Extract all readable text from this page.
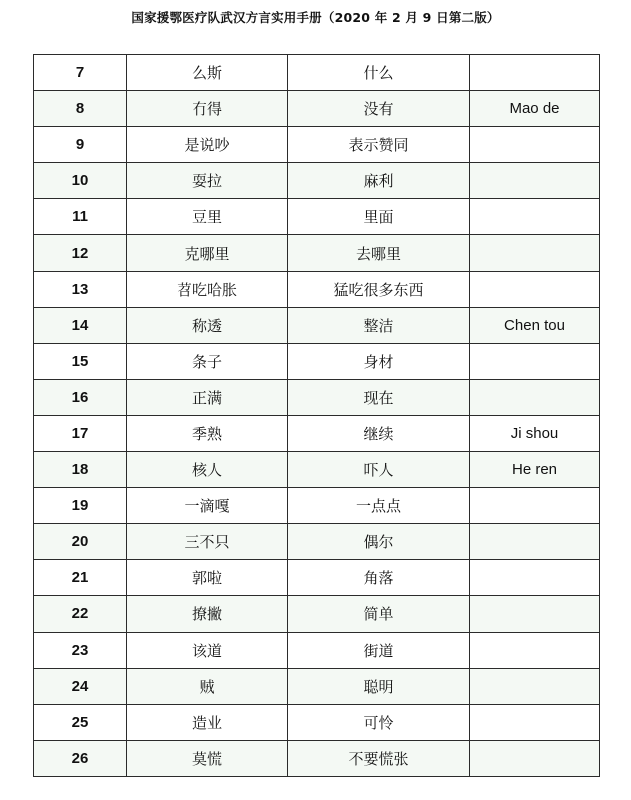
国家援鄂医疗队武汉方言实用手册（2020 年 2 月 9 日第二版）
7	么斯	什么	
8	冇得	没有	Mao de
9	是说吵	表示赞同	
10	耍拉	麻利	
11	豆里	里面	
12	克哪里	去哪里	
13	苕吃哈胀	猛吃很多东西	
14	称透	整洁	Chen tou
15	条子	身材	
16	正满	现在	
17	季熟	继续	Ji shou
18	核人	吓人	He ren
19	一滴嘎	一点点	
20	三不只	偶尔	
21	郭啦	角落	
22	撩撇	简单	
23	该道	街道	
24	贼	聪明	
25	造业	可怜	
26	莫慌	不要慌张	
